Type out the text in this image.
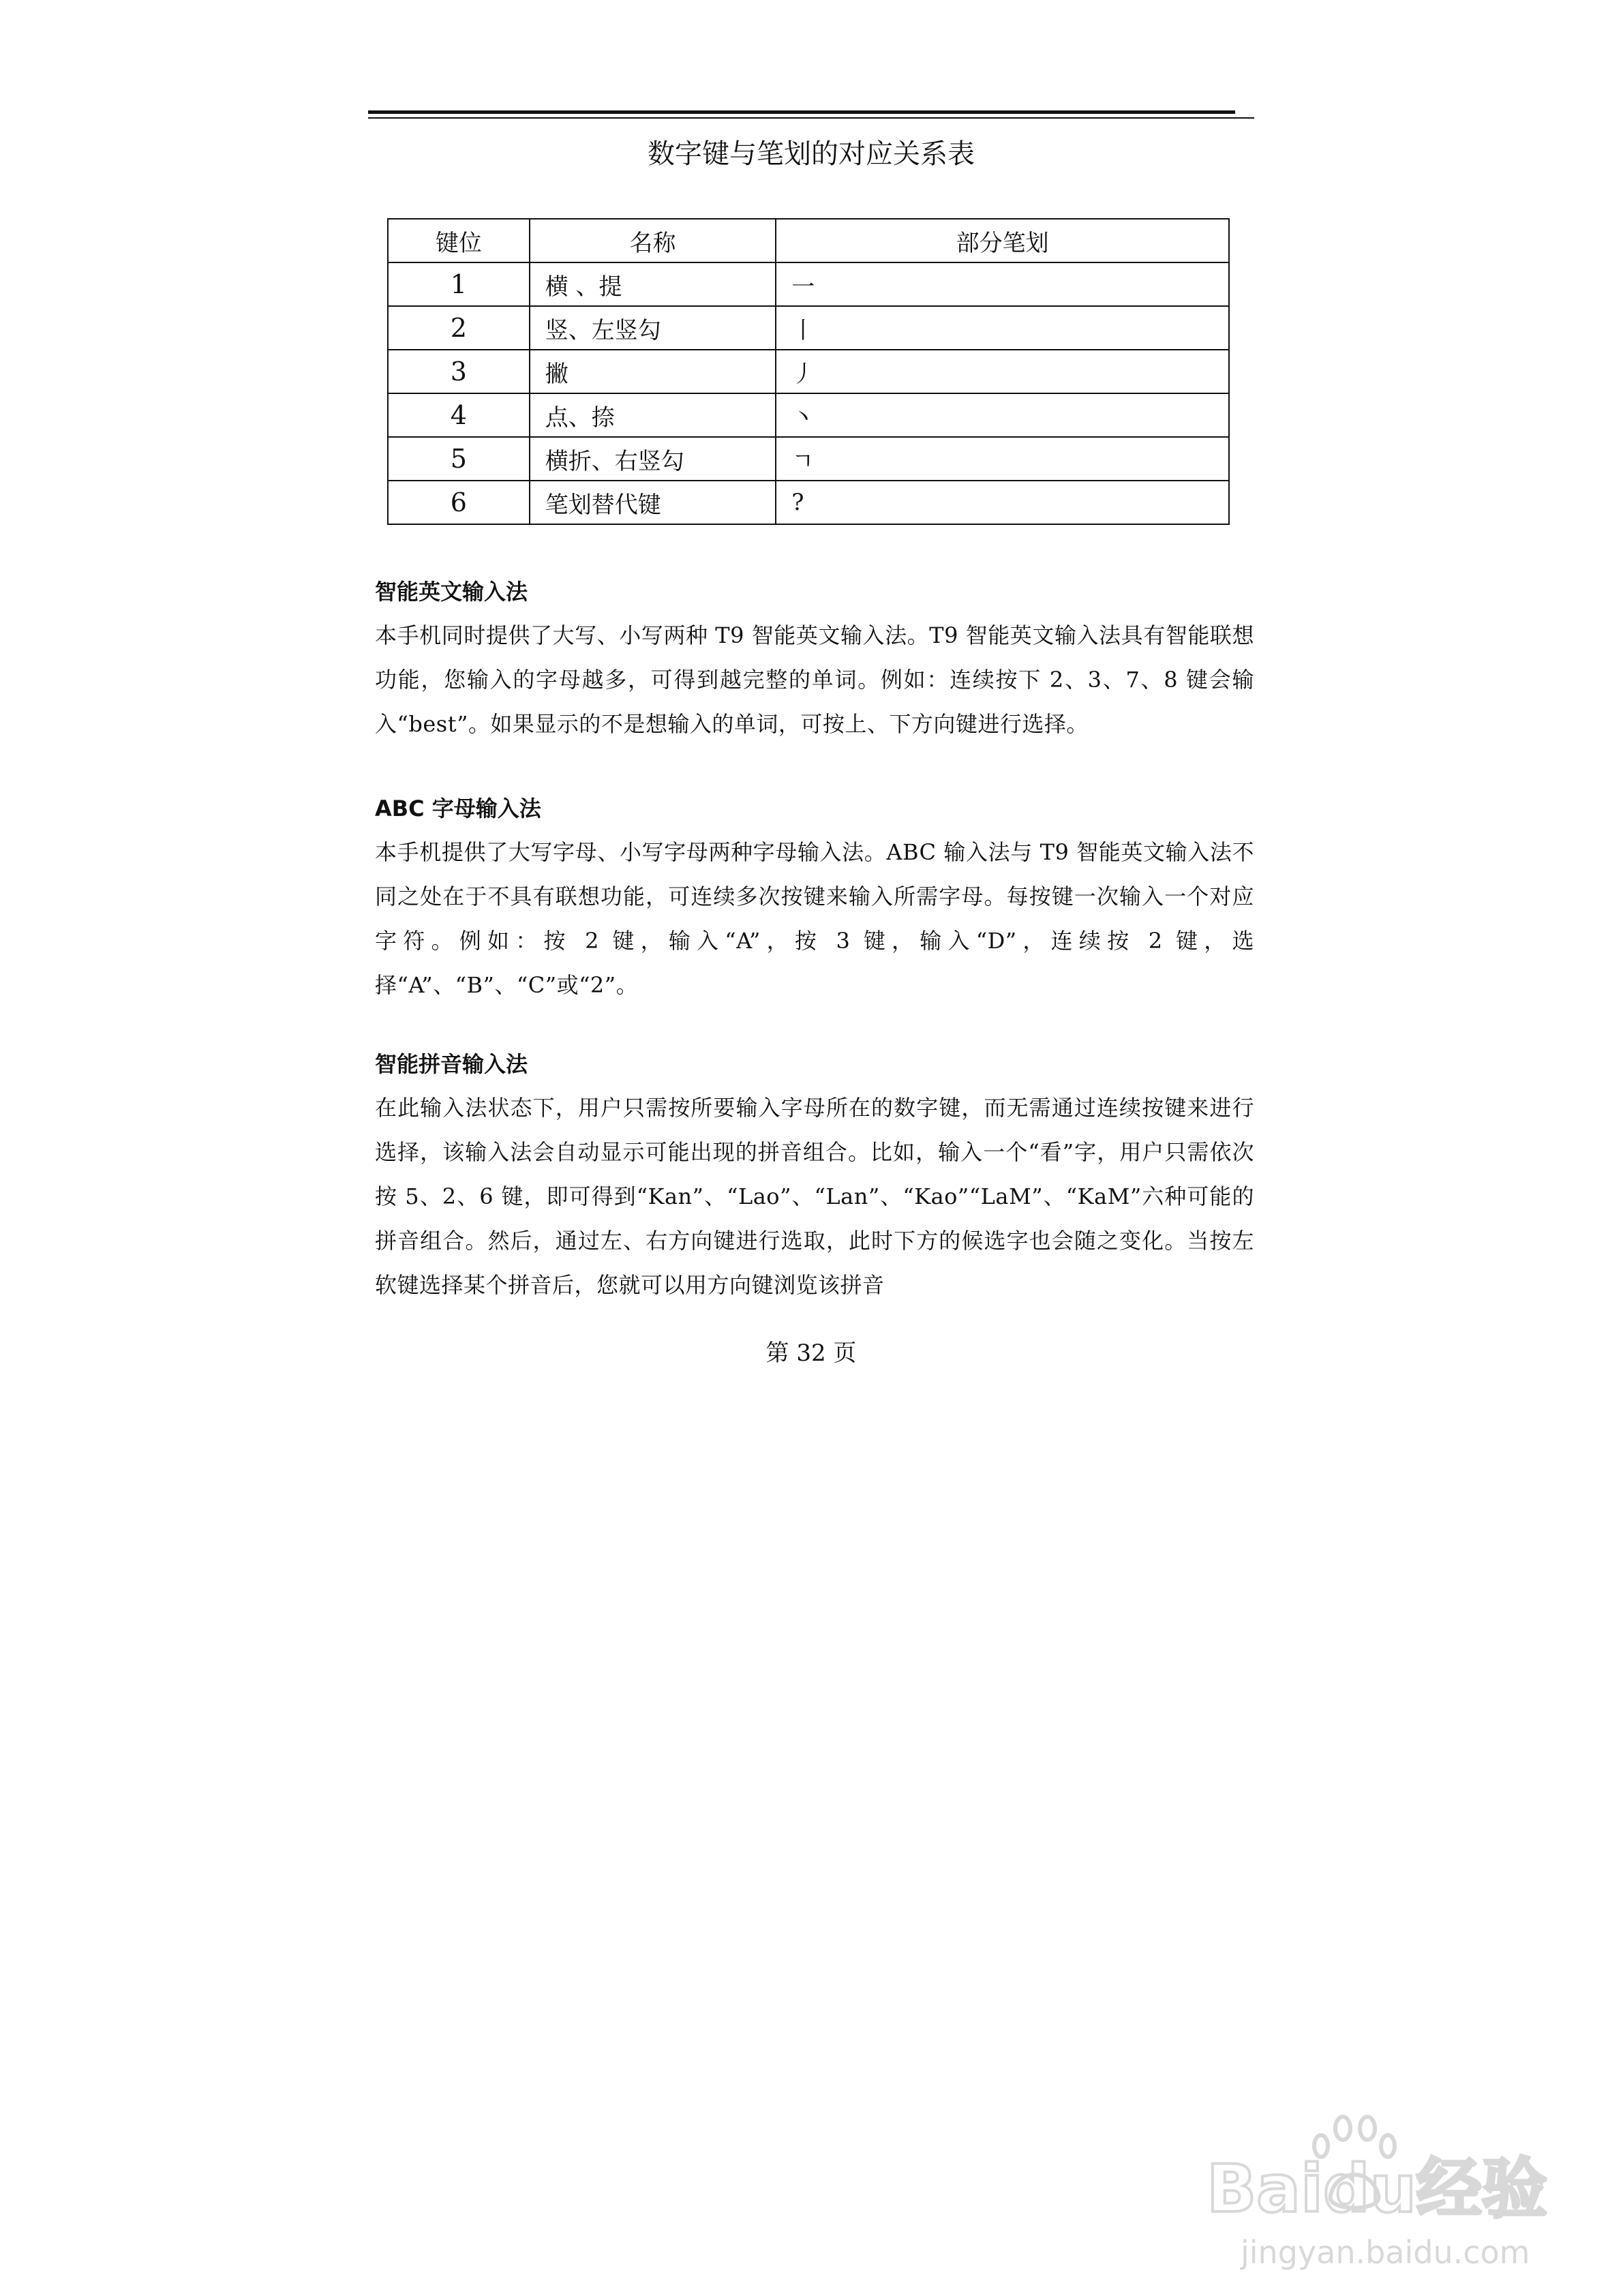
数字键与笔划的对应关系表
键位	名称	部分笔划
1	横 、提	一
2	竖、左竖勾	丨
3	撇	丿
4	点、捺	丶
5	横折、右竖勾	ㄱ
6	笔划替代键	?
智能英文输入法

本手机同时提供了大写、小写两种 T9 智能英文输入法。T9 智能英文输入法具有智能联想功能，您输入的字母越多，可得到越完整的单词。例如：连续按下 2、3、7、8 键会输入“best”。如果显示的不是想输入的单词，可按上、下方向键进行选择。

ABC 字母输入法

本手机提供了大写字母、小写字母两种字母输入法。ABC 输入法与 T9 智能英文输入法不同之处在于不具有联想功能，可连续多次按键来输入所需字母。每按键一次输入一个对应字符。例如：按 2 键，输入“A”，按 3 键，输入“D”，连续按 2 键，选择“A”、“B”、“C”或“2”。

智能拼音输入法

在此输入法状态下，用户只需按所要输入字母所在的数字键，而无需通过连续按键来进行选择，该输入法会自动显示可能出现的拼音组合。比如，输入一个“看”字，用户只需依次按 5、2、6 键，即可得到“Kan”、“Lao”、“Lan”、“Kao”“LaM”、“KaM”六种可能的拼音组合。然后，通过左、右方向键进行选取，此时下方的候选字也会随之变化。当按左软键选择某个拼音后，您就可以用方向键浏览该拼音

第 32 页
Baidu经验
jingyan.baidu.com
